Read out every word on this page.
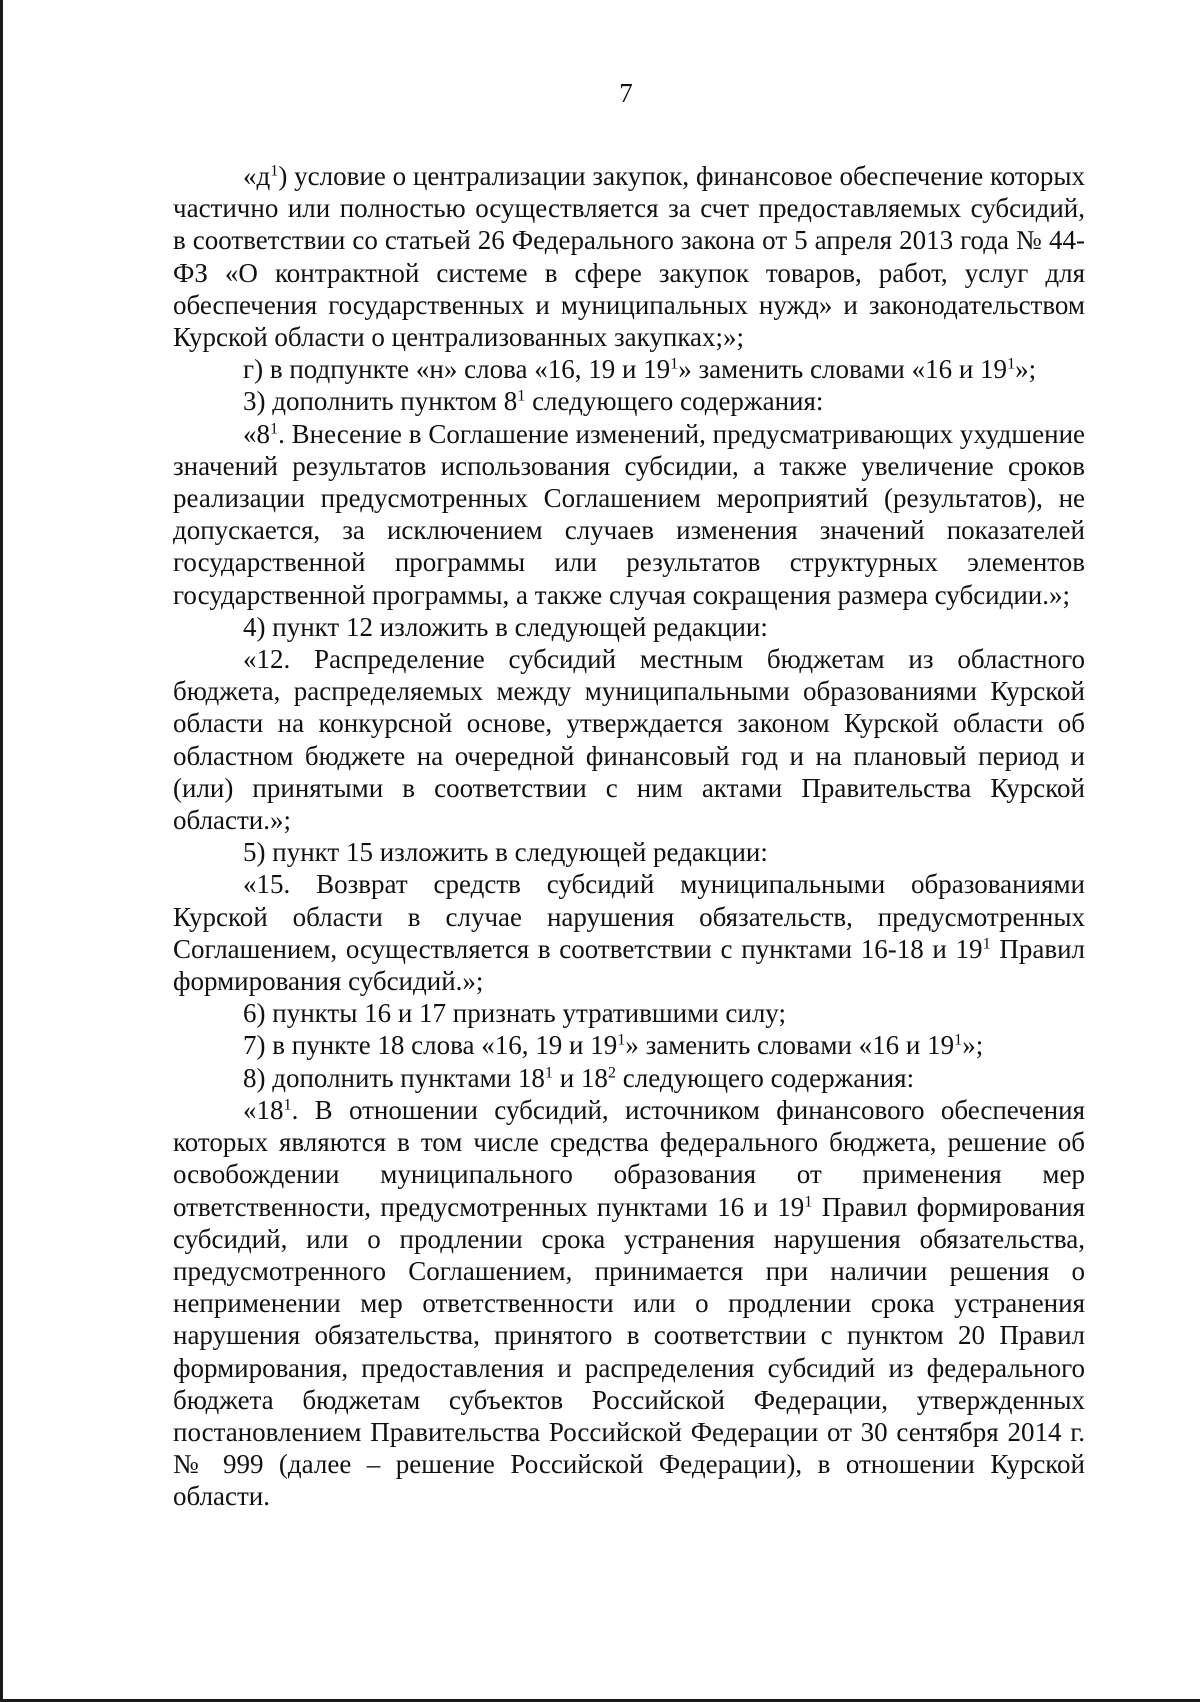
7

«$д^1$) условие о централизации закупок, финансовое обеспечение которых частично или полностью осуществляется за счет предоставляемых субсидий, в соответствии со статьей 26 Федерального закона от 5 апреля 2013 года № 44-ФЗ «О контрактной системе в сфере закупок товаров, работ, услуг для обеспечения государственных и муниципальных нужд» и законодательством Курской области о централизованных закупках;»;

г) в подпункте «н» слова «16, 19 и $19^1$» заменить словами «16 и $19^1$»;

3) дополнить пунктом $8^1$ следующего содержания:

«$8^1$. Внесение в Соглашение изменений, предусматривающих ухудшение значений результатов использования субсидии, а также увеличение сроков реализации предусмотренных Соглашением мероприятий (результатов), не допускается, за исключением случаев изменения значений показателей государственной программы или результатов структурных элементов государственной программы, а также случая сокращения размера субсидии.»;

4) пункт 12 изложить в следующей редакции:

«12. Распределение субсидий местным бюджетам из областного бюджета, распределяемых между муниципальными образованиями Курской области на конкурсной основе, утверждается законом Курской области об областном бюджете на очередной финансовый год и на плановый период и (или) принятыми в соответствии с ним актами Правительства Курской области.»;

5) пункт 15 изложить в следующей редакции:

«15. Возврат средств субсидий муниципальными образованиями Курской области в случае нарушения обязательств, предусмотренных Соглашением, осуществляется в соответствии с пунктами 16-18 и $19^1$ Правил формирования субсидий.»;

6) пункты 16 и 17 признать утратившими силу;

7) в пункте 18 слова «16, 19 и $19^1$» заменить словами «16 и $19^1$»;

8) дополнить пунктами $18^1$ и $18^2$ следующего содержания:

«$18^1$. В отношении субсидий, источником финансового обеспечения которых являются в том числе средства федерального бюджета, решение об освобождении муниципального образования от применения мер ответственности, предусмотренных пунктами 16 и $19^1$ Правил формирования субсидий, или о продлении срока устранения нарушения обязательства, предусмотренного Соглашением, принимается при наличии решения о неприменении мер ответственности или о продлении срока устранения нарушения обязательства, принятого в соответствии с пунктом 20 Правил формирования, предоставления и распределения субсидий из федерального бюджета бюджетам субъектов Российской Федерации, утвержденных постановлением Правительства Российской Федерации от 30 сентября 2014 г. № 999 (далее – решение Российской Федерации), в отношении Курской области.
